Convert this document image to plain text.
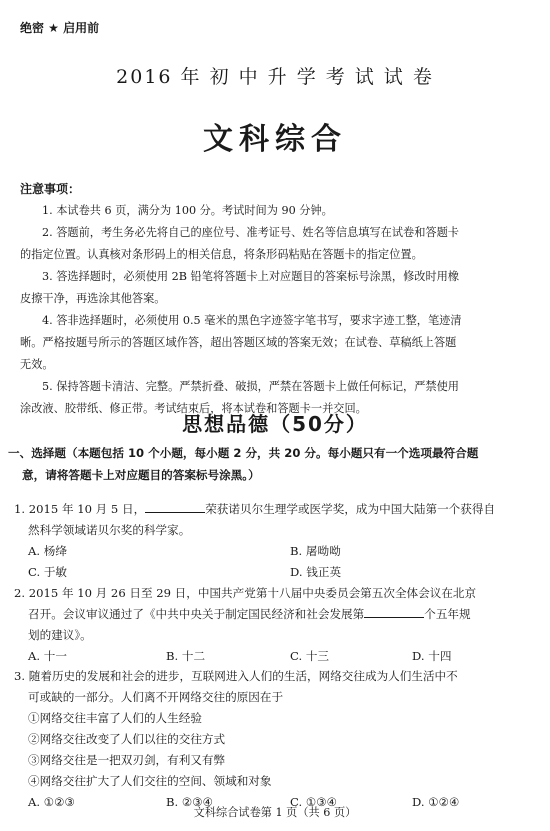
绝密 ★ 启用前
2016 年 初 中 升 学 考 试 试 卷
文科综合
注意事项：
1. 本试卷共 6 页，满分为 100 分。考试时间为 90 分钟。
2. 答题前，考生务必先将自己的座位号、准考证号、姓名等信息填写在试卷和答题卡
的指定位置。认真核对条形码上的相关信息，将条形码粘贴在答题卡的指定位置。
3. 答选择题时，必须使用 2B 铅笔将答题卡上对应题目的答案标号涂黑，修改时用橡
皮擦干净，再选涂其他答案。
4. 答非选择题时，必须使用 0.5 毫米的黑色字迹签字笔书写，要求字迹工整，笔迹清
晰。严格按题号所示的答题区域作答，超出答题区域的答案无效；在试卷、草稿纸上答题
无效。
5. 保持答题卡清洁、完整。严禁折叠、破损，严禁在答题卡上做任何标记，严禁使用
涂改液、胶带纸、修正带。考试结束后，将本试卷和答题卡一并交回。
思想品德（50分）
一、选择题（本题包括 10 个小题，每小题 2 分，共 20 分。每小题只有一个选项最符合题
意，请将答题卡上对应题目的答案标号涂黑。）
1. 2015 年 10 月 5 日，	荣获诺贝尔生理学或医学奖，成为中国大陆第一个获得自
然科学领域诺贝尔奖的科学家。
A. 杨绛	B. 屠呦呦
C. 于敏	D. 钱正英
2. 2015 年 10 月 26 日至 29 日，中国共产党第十八届中央委员会第五次全体会议在北京
召开。会议审议通过了《中共中央关于制定国民经济和社会发展第	个五年规
划的建议》。
A. 十一	B. 十二	C. 十三	D. 十四
3. 随着历史的发展和社会的进步，互联网进入人们的生活，网络交往成为人们生活中不
可或缺的一部分。人们离不开网络交往的原因在于
①网络交往丰富了人们的人生经验
②网络交往改变了人们以往的交往方式
③网络交往是一把双刃剑，有利又有弊
④网络交往扩大了人们交往的空间、领域和对象
A. ①②③	B. ②③④	C. ①③④	D. ①②④
文科综合试卷第 1 页（共 6 页）
